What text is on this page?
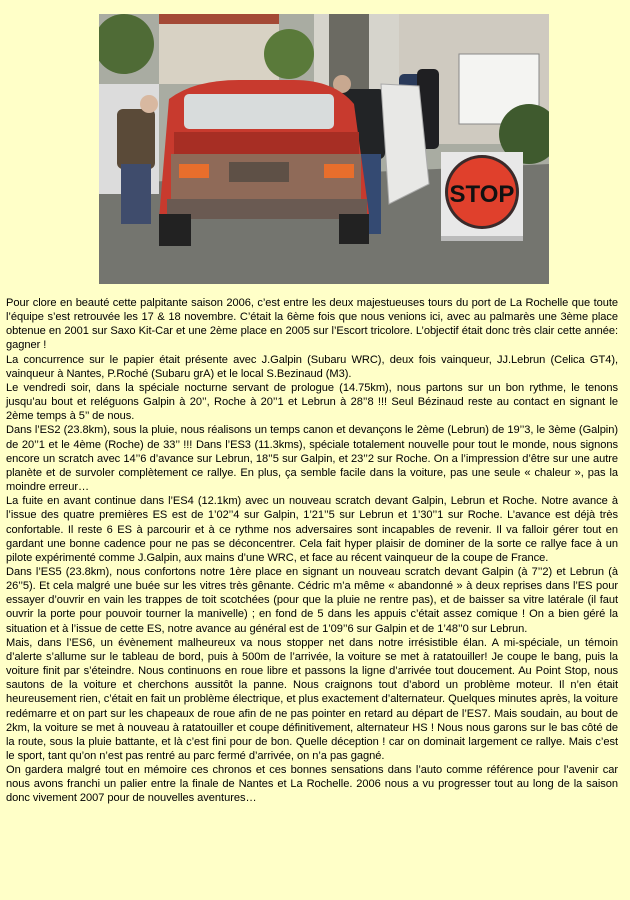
STOP

Pour clore en beauté cette palpitante saison 2006, c’est entre les deux majestueuses tours du port de La Rochelle que toute l’équipe s’est retrouvée les 17 & 18 novembre. C’était la 6ème fois que nous venions ici, avec au palmarès une 3ème place obtenue en 2001 sur Saxo Kit-Car et une 2ème place en 2005 sur l’Escort tricolore. L’objectif était donc très clair cette année: gagner !

La concurrence sur le papier était présente avec J.Galpin (Subaru WRC), deux fois vainqueur, JJ.Lebrun (Celica GT4), vainqueur à Nantes, P.Roché (Subaru grA) et le local S.Bezinaud (M3).

Le vendredi soir, dans la spéciale nocturne servant de prologue (14.75km), nous partons sur un bon rythme, le tenons jusqu’au bout et reléguons Galpin à 20’’, Roche à 20’’1 et Lebrun à 28’’8 !!! Seul Bézinaud reste au contact en signant le 2ème temps à 5’’ de nous.

Dans l’ES2 (23.8km), sous la pluie, nous réalisons un temps canon et devançons le 2ème (Lebrun) de 19’’3, le 3ème (Galpin) de 20’’1 et le 4ème (Roche) de 33’’ !!! Dans l’ES3 (11.3kms), spéciale totalement nouvelle pour tout le monde, nous signons encore un scratch avec 14’’6 d’avance sur Lebrun, 18’’5 sur Galpin, et 23’’2 sur Roche. On a l’impression d’être sur une autre planète et de survoler complètement ce rallye. En plus, ça semble facile dans la voiture, pas une seule « chaleur », pas la moindre erreur…

La fuite en avant continue dans l’ES4 (12.1km) avec un nouveau scratch devant Galpin, Lebrun et Roche. Notre avance à l’issue des quatre premières ES est de 1’02’’4 sur Galpin, 1’21’’5 sur Lebrun et 1’30’’1 sur Roche. L’avance est déjà très confortable. Il reste 6 ES à parcourir et à ce rythme nos adversaires sont incapables de revenir. Il va falloir gérer tout en gardant une bonne cadence pour ne pas se déconcentrer. Cela fait hyper plaisir de dominer de la sorte ce rallye face à un pilote expérimenté comme J.Galpin, aux mains d’une WRC, et face au récent vainqueur de la coupe de France.

Dans l’ES5 (23.8km), nous confortons notre 1ère place en signant un nouveau scratch devant Galpin (à 7’’2) et Lebrun (à 26’’5). Et cela malgré une buée sur les vitres très gênante. Cédric m’a même « abandonné » à deux reprises dans l’ES pour essayer d’ouvrir en vain les trappes de toit scotchées (pour que la pluie ne rentre pas), et de baisser sa vitre latérale (il faut ouvrir la porte pour pouvoir tourner la manivelle) ; en fond de 5 dans les appuis c’était assez comique ! On a bien géré la situation et à l’issue de cette ES, notre avance au général est de 1’09’’6 sur Galpin et de 1’48’’0 sur Lebrun.

Mais, dans l’ES6, un évènement malheureux va nous stopper net dans notre irrésistible élan. A mi-spéciale, un témoin d’alerte s’allume sur le tableau de bord, puis à 500m de l’arrivée, la voiture se met à ratatouiller! Je coupe le bang, puis la voiture finit par s’éteindre. Nous continuons en roue libre et passons la ligne d’arrivée tout doucement. Au Point Stop, nous sautons de la voiture et cherchons aussitôt la panne. Nous craignons tout d’abord un problème moteur. Il n’en était heureusement rien, c’était en fait un problème électrique, et plus exactement d’alternateur. Quelques minutes après, la voiture redémarre et on part sur les chapeaux de roue afin de ne pas pointer en retard au départ de l’ES7. Mais soudain, au bout de 2km, la voiture se met à nouveau à ratatouiller et coupe définitivement, alternateur HS ! Nous nous garons sur le bas côté de la route, sous la pluie battante, et là c’est fini pour de bon. Quelle déception ! car on dominait largement ce rallye. Mais c’est le sport, tant qu’on n’est pas rentré au parc fermé d’arrivée, on n’a pas gagné.

On gardera malgré tout en mémoire ces chronos et ces bonnes sensations dans l’auto comme référence pour l’avenir car nous avons franchi un palier entre la finale de Nantes et La Rochelle. 2006 nous a vu progresser tout au long de la saison donc vivement 2007 pour de nouvelles aventures…
